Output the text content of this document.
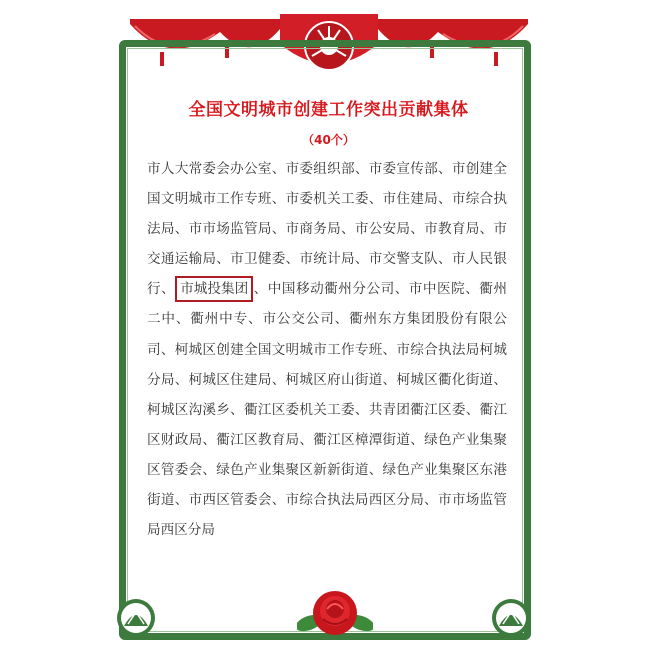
全国文明城市创建工作突出贡献集体
（40个）
市人大常委会办公室、市委组织部、市委宣传部、市创建全国文明城市工作专班、市委机关工委、市住建局、市综合执法局、市市场监管局、市商务局、市公安局、市教育局、市交通运输局、市卫健委、市统计局、市交警支队、市人民银行、 市城投集团 、中国移动衢州分公司、市中医院、衢州二中、衢州中专、市公交公司、衢州东方集团股份有限公司、柯城区创建全国文明城市工作专班、市综合执法局柯城分局、柯城区住建局、柯城区府山街道、柯城区衢化街道、柯城区沟溪乡、衢江区委机关工委、共青团衢江区委、衢江区财政局、衢江区教育局、衢江区樟潭街道、绿色产业集聚区管委会、绿色产业集聚区新新街道、绿色产业集聚区东港街道、市西区管委会、市综合执法局西区分局、市市场监管局西区分局
